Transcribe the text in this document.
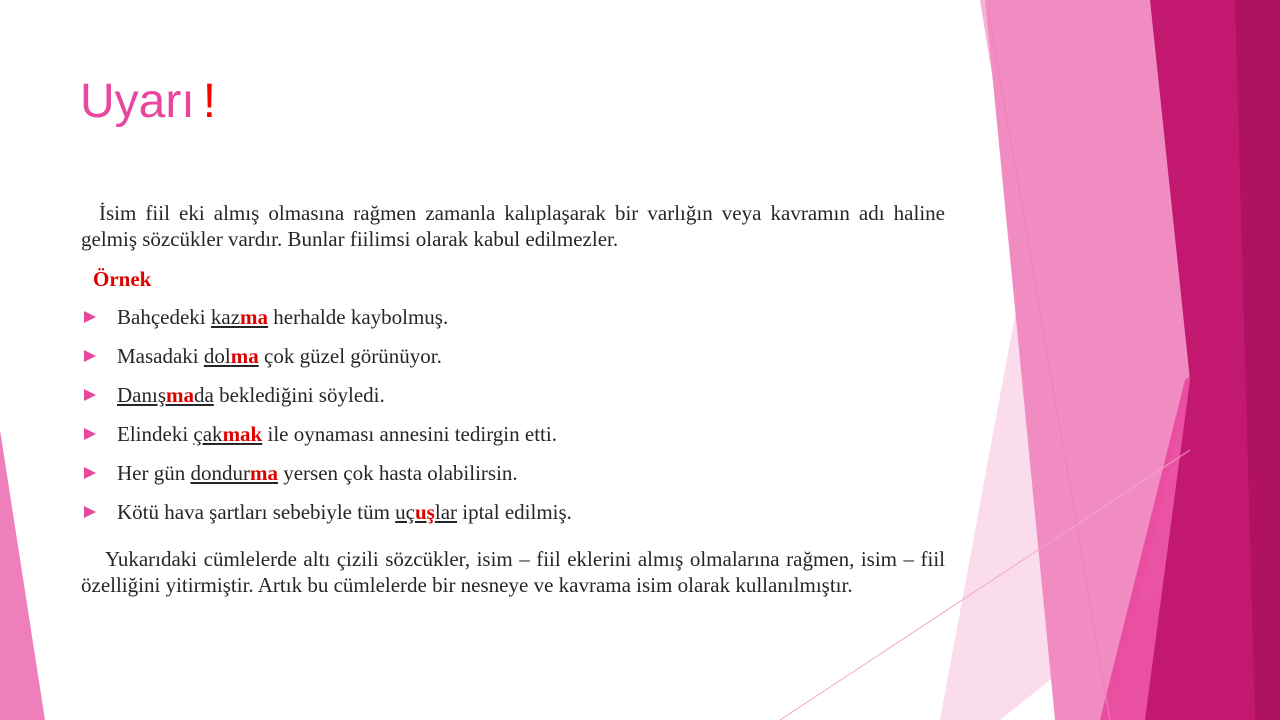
Uyarı !

İsim fiil eki almış olmasına rağmen zamanla kalıplaşarak bir varlığın veya kavramın adı haline gelmiş sözcükler vardır. Bunlar fiilimsi olarak kabul edilmezler.

Örnek
Bahçedeki kazma herhalde kaybolmuş.
Masadaki dolma çok güzel görünüyor.
Danışmada beklediğini söyledi.
Elindeki çakmak ile oynaması annesini tedirgin etti.
Her gün dondurma yersen çok hasta olabilirsin.
Kötü hava şartları sebebiyle tüm uçuşlar iptal edilmiş.

Yukarıdaki cümlelerde altı çizili sözcükler, isim – fiil eklerini almış olmalarına rağmen, isim – fiil özelliğini yitirmiştir. Artık bu cümlelerde bir nesneye ve kavrama isim olarak kullanılmıştır.
